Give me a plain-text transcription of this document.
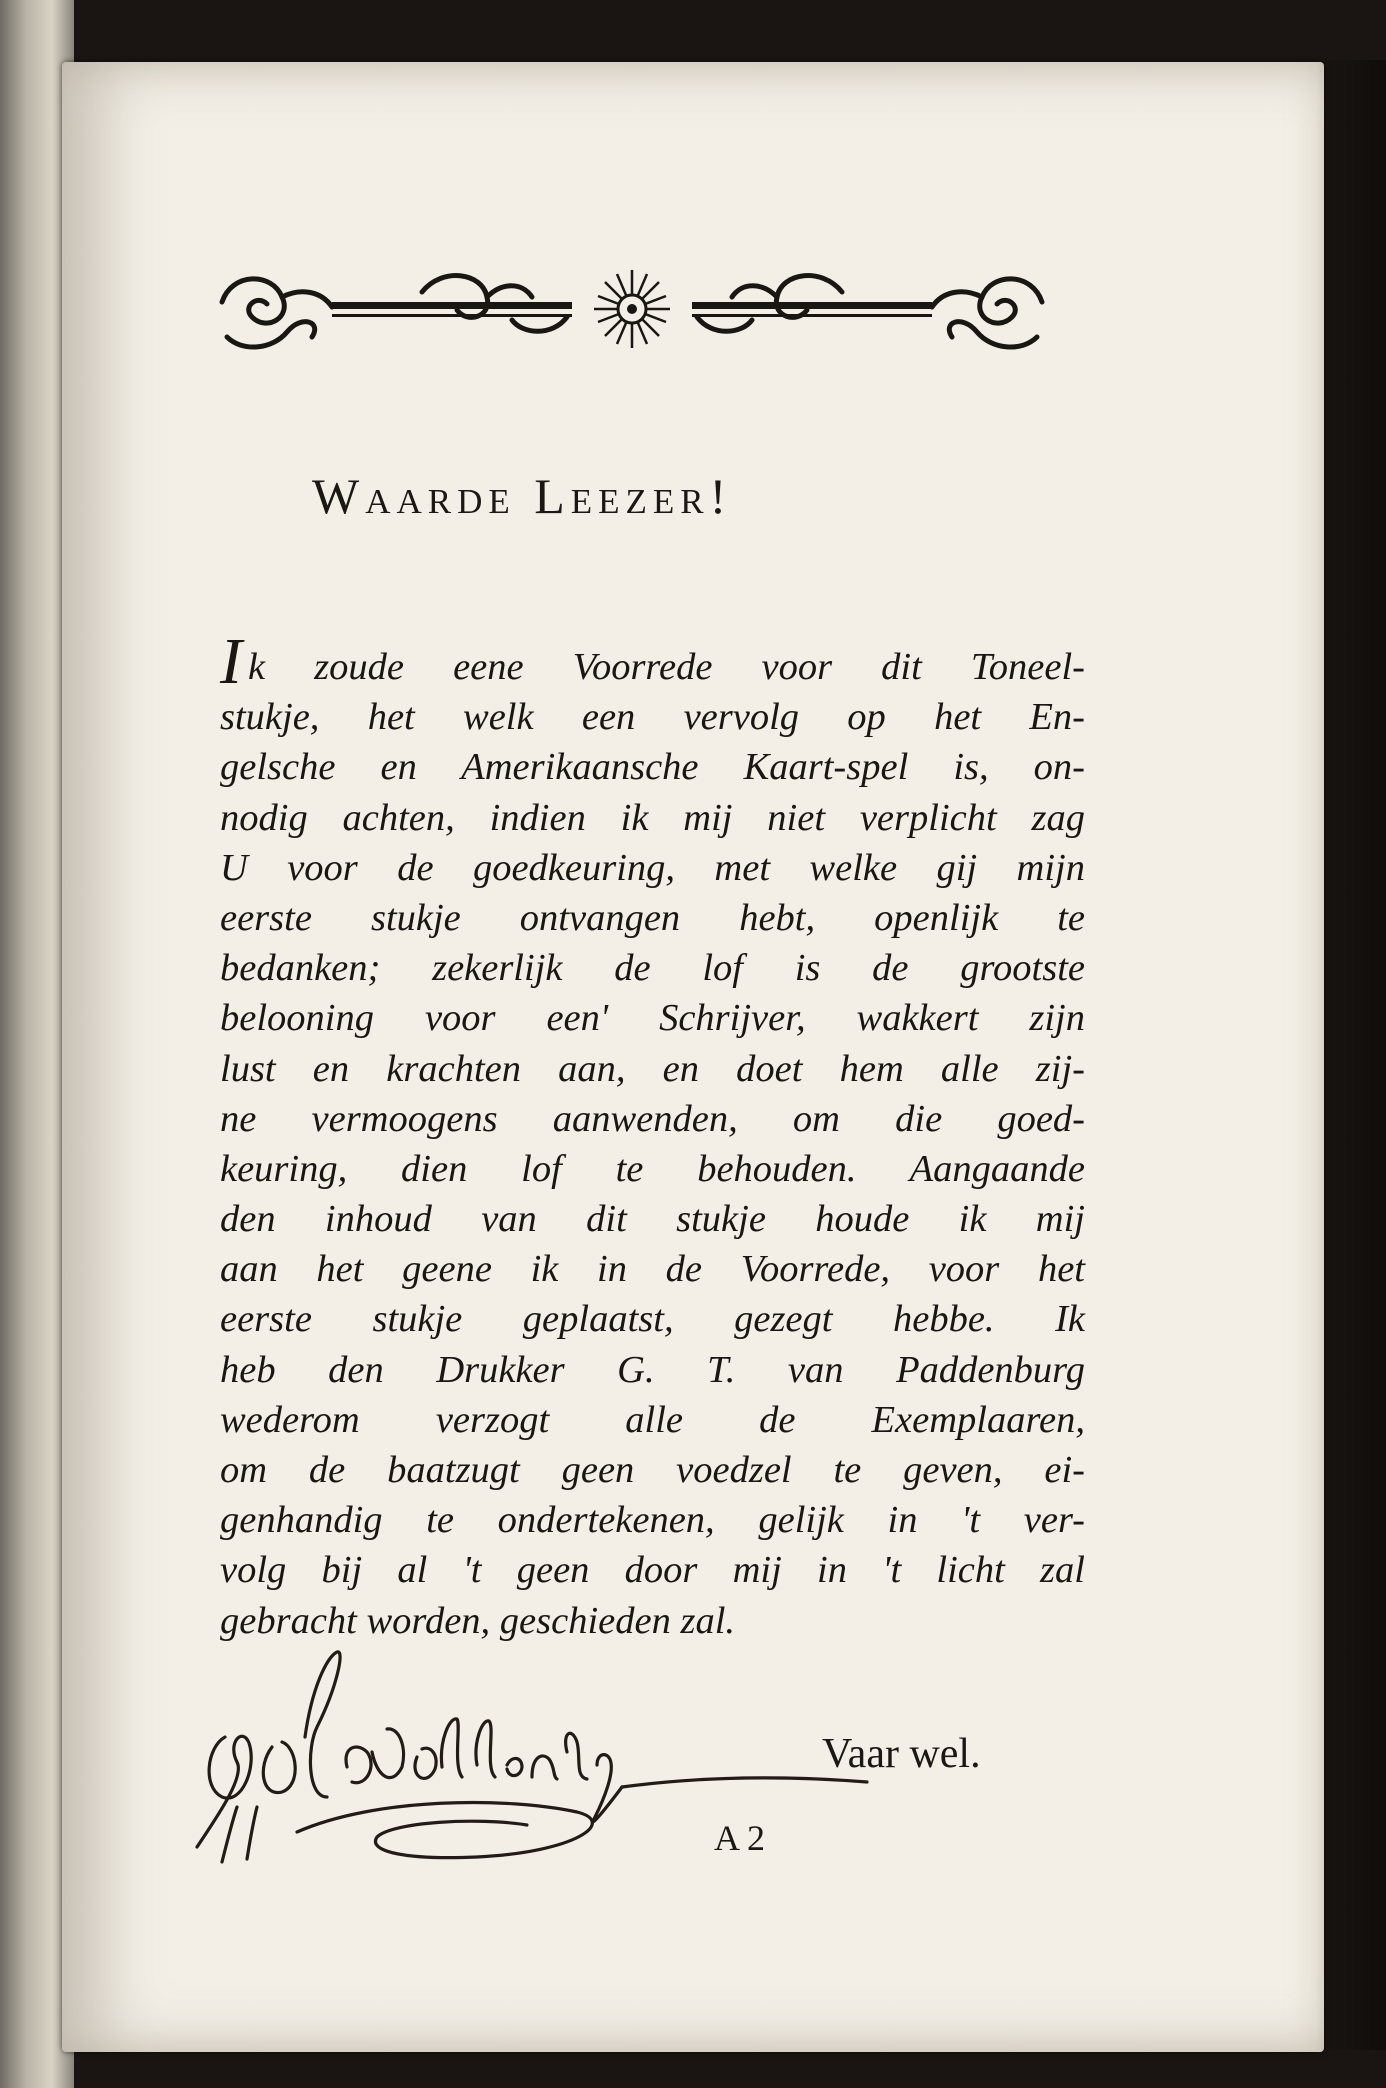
Waarde Leezer!
Ik zoude eene Voorrede voor dit Toneel-
stukje, het welk een vervolg op het En-
gelsche en Amerikaansche Kaart-spel is, on-
nodig achten, indien ik mij niet verplicht zag
U voor de goedkeuring, met welke gij mijn
eerste stukje ontvangen hebt, openlijk te
bedanken; zekerlijk de lof is de grootste
belooning voor een' Schrijver, wakkert zijn
lust en krachten aan, en doet hem alle zij-
ne vermoogens aanwenden, om die goed-
keuring, dien lof te behouden. Aangaande
den inhoud van dit stukje houde ik mij
aan het geene ik in de Voorrede, voor het
eerste stukje geplaatst, gezegt hebbe. Ik
heb den Drukker G. T. van Paddenburg
wederom verzogt alle de Exemplaaren,
om de baatzugt geen voedzel te geven, ei-
genhandig te ondertekenen, gelijk in 't ver-
volg bij al 't geen door mij in 't licht zal
gebracht worden, geschieden zal.

Vaar wel.

A 2
